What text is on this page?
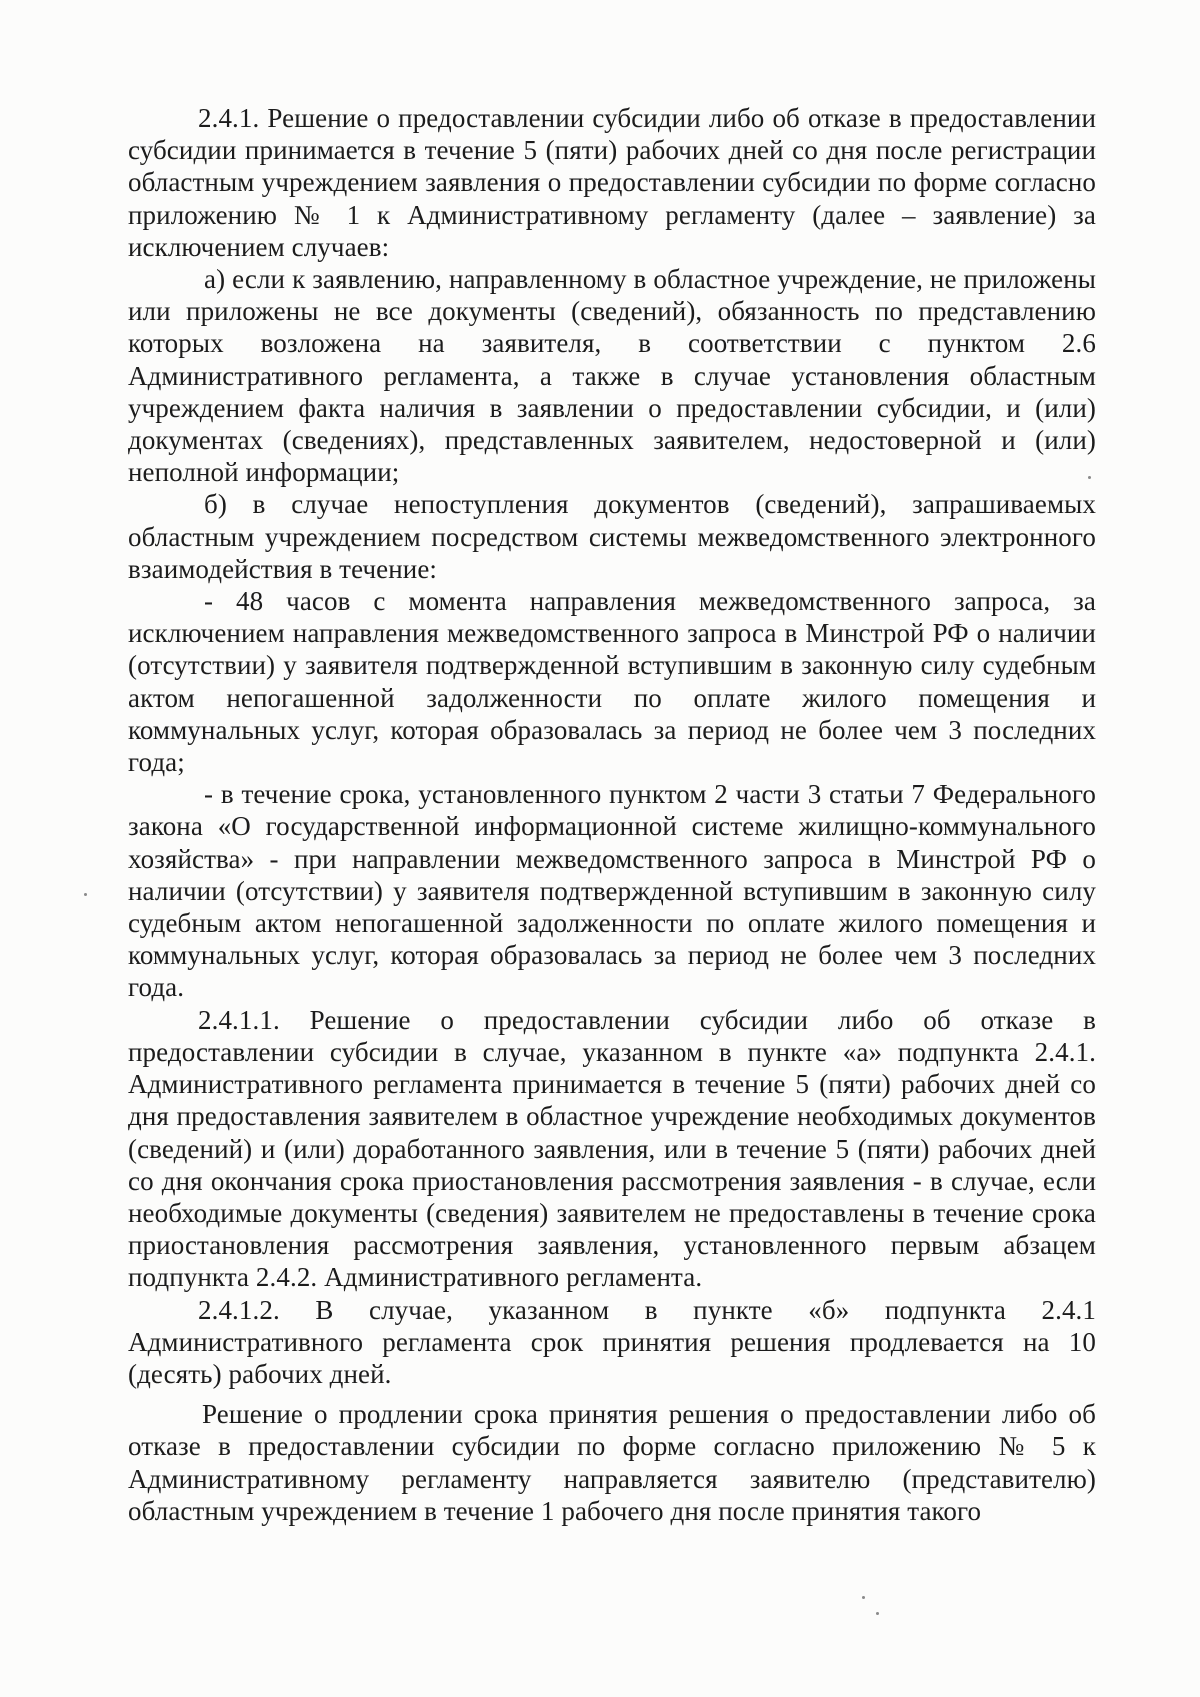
2.4.1. Решение о предоставлении субсидии либо об отказе в предоставлении субсидии принимается в течение 5 (пяти) рабочих дней со дня после регистрации областным учреждением заявления о предоставлении субсидии по форме согласно приложению № 1 к Административному регламенту (далее – заявление) за исключением случаев:

а) если к заявлению, направленному в областное учреждение, не приложены или приложены не все документы (сведений), обязанность по представлению которых возложена на заявителя, в соответствии с пунктом 2.6 Административного регламента, а также в случае установления областным учреждением факта наличия в заявлении о предоставлении субсидии, и (или) документах (сведениях), представленных заявителем, недостоверной и (или) неполной информации;

б) в случае непоступления документов (сведений), запрашиваемых областным учреждением посредством системы межведомственного электронного взаимодействия в течение:

- 48 часов с момента направления межведомственного запроса, за исключением направления межведомственного запроса в Минстрой РФ о наличии (отсутствии) у заявителя подтвержденной вступившим в законную силу судебным актом непогашенной задолженности по оплате жилого помещения и коммунальных услуг, которая образовалась за период не более чем 3 последних года;

- в течение срока, установленного пунктом 2 части 3 статьи 7 Федерального закона «О государственной информационной системе жилищно-коммунального хозяйства» - при направлении межведомственного запроса в Минстрой РФ о наличии (отсутствии) у заявителя подтвержденной вступившим в законную силу судебным актом непогашенной задолженности по оплате жилого помещения и коммунальных услуг, которая образовалась за период не более чем 3 последних года.

2.4.1.1. Решение о предоставлении субсидии либо об отказе в предоставлении субсидии в случае, указанном в пункте «а» подпункта 2.4.1. Административного регламента принимается в течение 5 (пяти) рабочих дней со дня предоставления заявителем в областное учреждение необходимых документов (сведений) и (или) доработанного заявления, или в течение 5 (пяти) рабочих дней со дня окончания срока приостановления рассмотрения заявления - в случае, если необходимые документы (сведения) заявителем не предоставлены в течение срока приостановления рассмотрения заявления, установленного первым абзацем подпункта 2.4.2. Административного регламента.

2.4.1.2. В случае, указанном в пункте «б» подпункта 2.4.1 Административного регламента срок принятия решения продлевается на 10 (десять) рабочих дней.

Решение о продлении срока принятия решения о предоставлении либо об отказе в предоставлении субсидии по форме согласно приложению № 5 к Административному регламенту направляется заявителю (представителю) областным учреждением в течение 1 рабочего дня после принятия такого
